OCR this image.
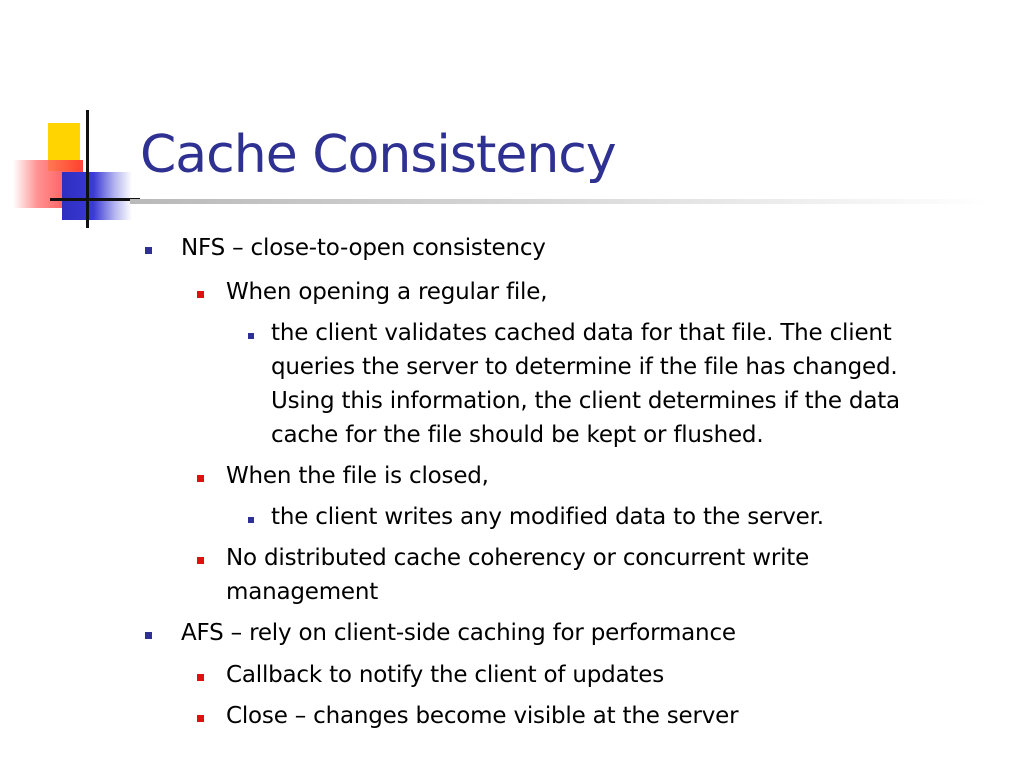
Cache Consistency
NFS – close-to-open consistency
When opening a regular file,
the client validates cached data for that file. The client
queries the server to determine if the file has changed.
Using this information, the client determines if the data
cache for the file should be kept or flushed.
When the file is closed,
the client writes any modified data to the server.
No distributed cache coherency or concurrent write
management
AFS – rely on client-side caching for performance
Callback to notify the client of updates
Close – changes become visible at the server
